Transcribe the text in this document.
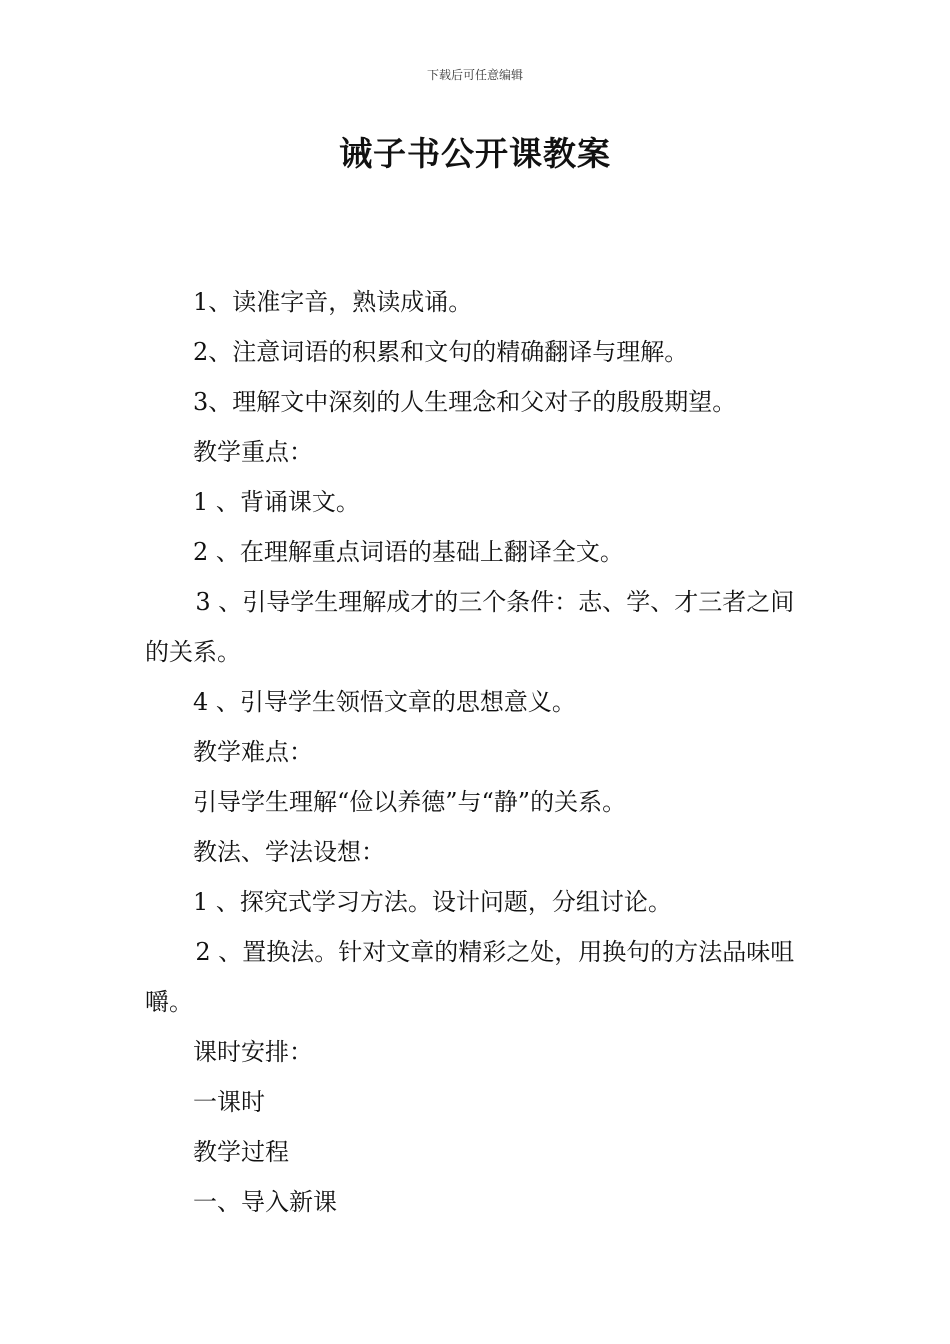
下载后可任意编辑
诫子书公开课教案

1、读准字音，熟读成诵。

2、注意词语的积累和文句的精确翻译与理解。

3、理解文中深刻的人生理念和父对子的殷殷期望。

教学重点：

1 、背诵课文。

2 、在理解重点词语的基础上翻译全文。

3 、引导学生理解成才的三个条件：志、学、才三者之间的关系。

4 、引导学生领悟文章的思想意义。

教学难点：

引导学生理解“俭以养德”与“静”的关系。

教法、学法设想：

1 、探究式学习方法。设计问题，分组讨论。

2 、置换法。针对文章的精彩之处，用换句的方法品味咀嚼。

课时安排：

一课时

教学过程

一、导入新课
